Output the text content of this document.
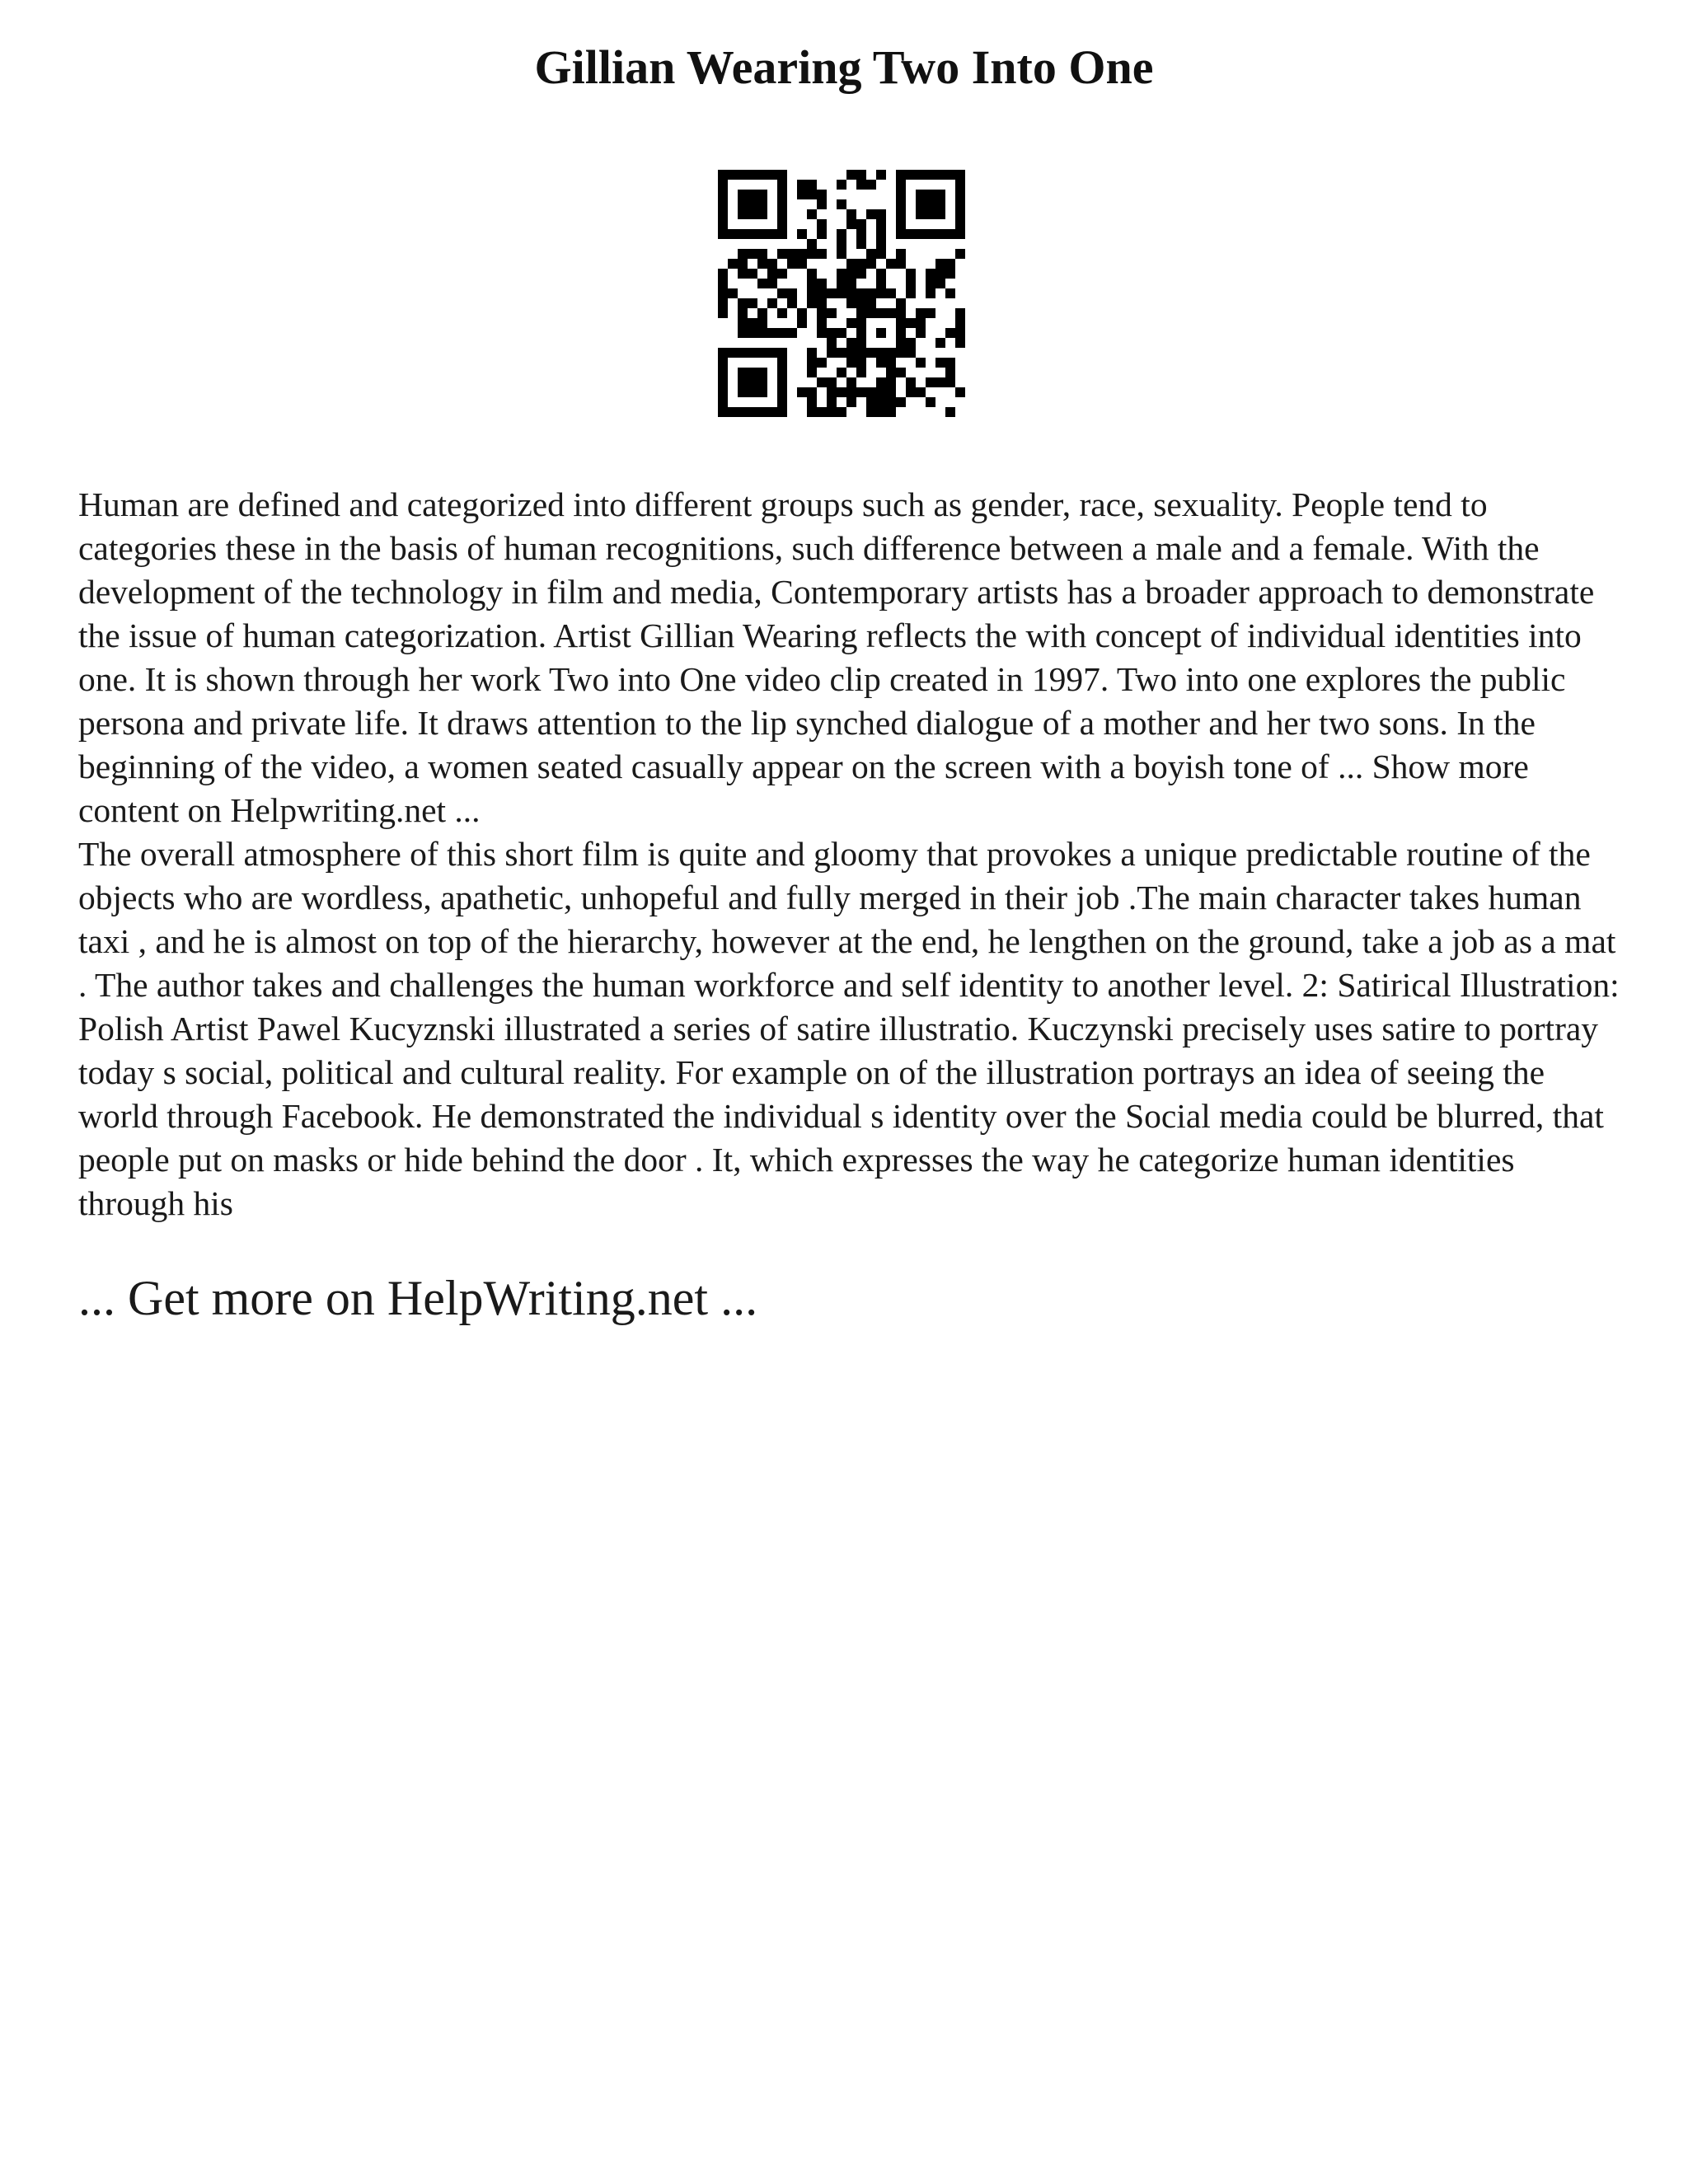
Gillian Wearing Two Into One

Human are defined and categorized into different groups such as gender, race, sexuality. People tend to categories these in the basis of human recognitions, such difference between a male and a female. With the development of the technology in film and media, Contemporary artists has a broader approach to demonstrate the issue of human categorization. Artist Gillian Wearing reflects the with concept of individual identities into one. It is shown through her work Two into One video clip created in 1997. Two into one explores the public persona and private life. It draws attention to the lip synched dialogue of a mother and her two sons. In the beginning of the video, a women seated casually appear on the screen with a boyish tone of ... Show more content on Helpwriting.net ...

The overall atmosphere of this short film is quite and gloomy that provokes a unique predictable routine of the objects who are wordless, apathetic, unhopeful and fully merged in their job .The main character takes human taxi , and he is almost on top of the hierarchy, however at the end, he lengthen on the ground, take a job as a mat . The author takes and challenges the human workforce and self identity to another level. 2: Satirical Illustration: Polish Artist Pawel Kucyznski illustrated a series of satire illustratio. Kuczynski precisely uses satire to portray today s social, political and cultural reality. For example on of the illustration portrays an idea of seeing the world through Facebook. He demonstrated the individual s identity over the Social media could be blurred, that people put on masks or hide behind the door . It, which expresses the way he categorize human identities through his

... Get more on HelpWriting.net ...
